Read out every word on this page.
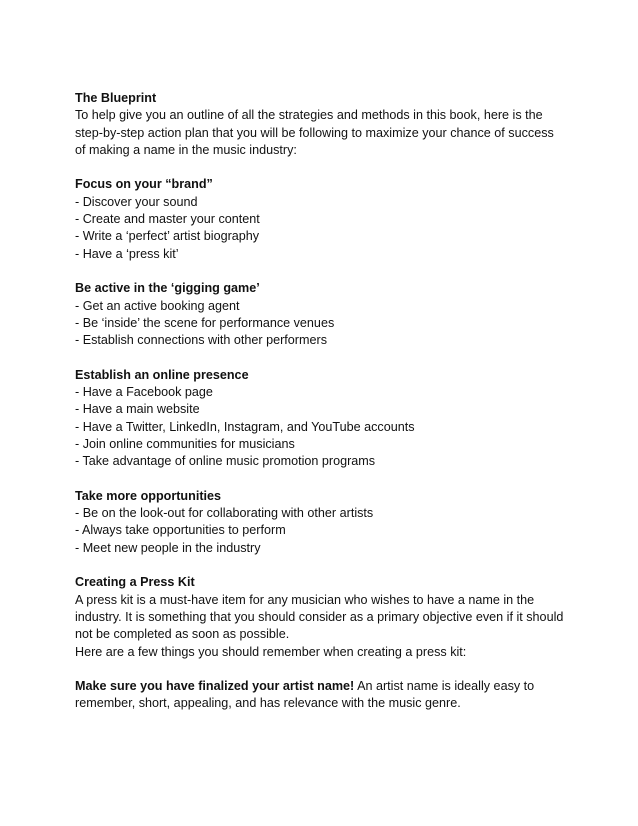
The Blueprint
To help give you an outline of all the strategies and methods in this book, here is the
step-by-step action plan that you will be following to maximize your chance of success
of making a name in the music industry:
Focus on your “brand”
- Discover your sound
- Create and master your content
- Write a ‘perfect’ artist biography
- Have a ‘press kit’
Be active in the ‘gigging game’
- Get an active booking agent
- Be ‘inside’ the scene for performance venues
- Establish connections with other performers
Establish an online presence
- Have a Facebook page
- Have a main website
- Have a Twitter, LinkedIn, Instagram, and YouTube accounts
- Join online communities for musicians
- Take advantage of online music promotion programs
Take more opportunities
- Be on the look-out for collaborating with other artists
- Always take opportunities to perform
- Meet new people in the industry
Creating a Press Kit
A press kit is a must-have item for any musician who wishes to have a name in the
industry. It is something that you should consider as a primary objective even if it should
not be completed as soon as possible.
Here are a few things you should remember when creating a press kit:
Make sure you have finalized your artist name! An artist name is ideally easy to
remember, short, appealing, and has relevance with the music genre.
